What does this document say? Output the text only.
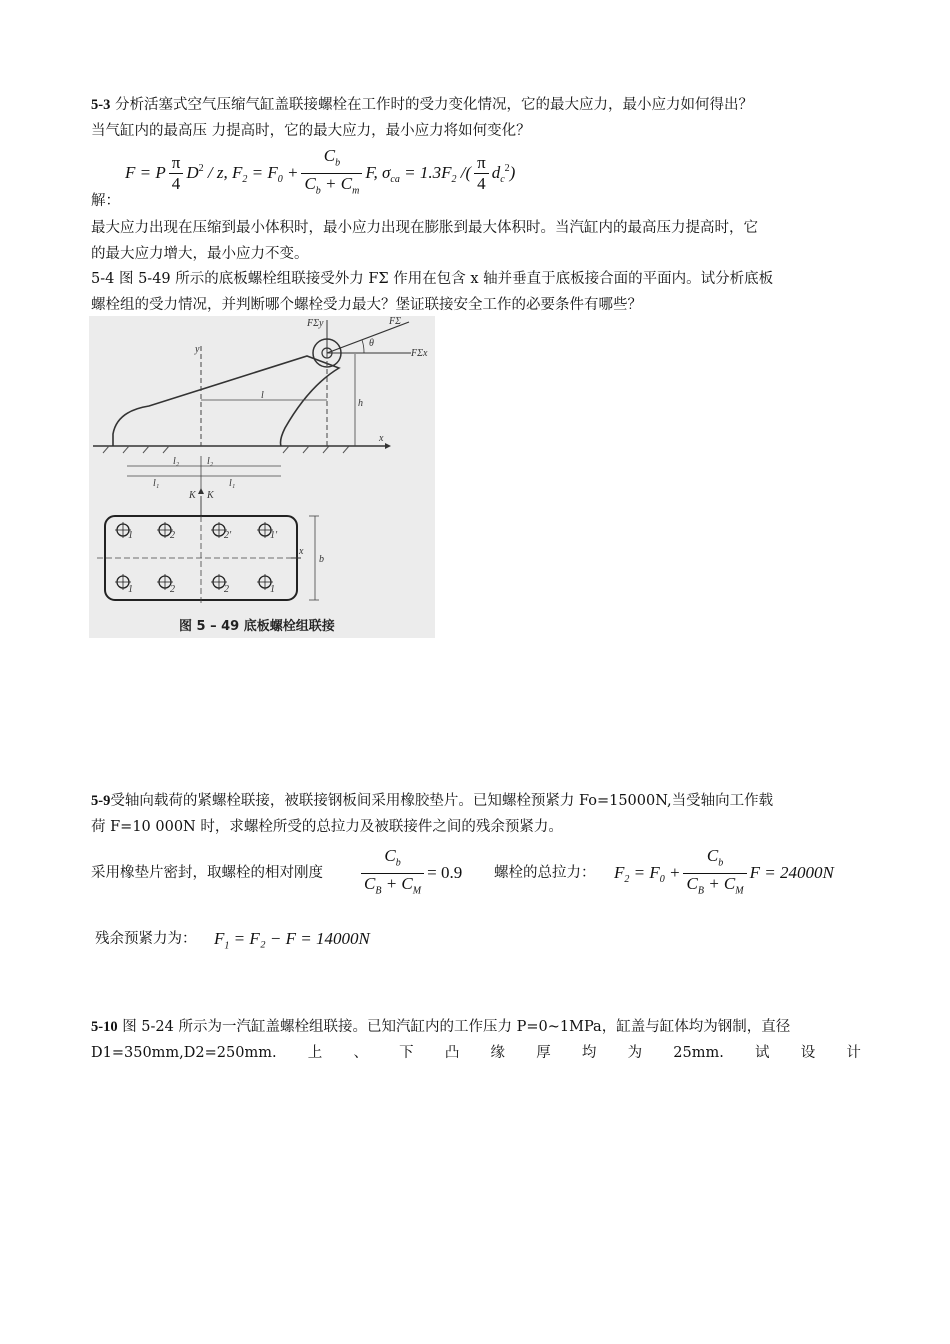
5-3 分析活塞式空气压缩气缸盖联接螺栓在工作时的受力变化情况，它的最大应力，最小应力如何得出？
当气缸内的最高压 力提高时，它的最大应力，最小应力将如何变化？

F = P $\frac{\pi}{4} D^2$ / z, $F_2 = F_0 + \frac{C_b}{C_b + C_m} F$, $\sigma_{ca} = 1.3F_2$ /( $\frac{\pi}{4} d_c^2$)

解：

最大应力出现在压缩到最小体积时，最小应力出现在膨胀到最大体积时。当汽缸内的最高压力提高时，它
的最大应力增大，最小应力不变。

5-4 图 5-49 所示的底板螺栓组联接受外力 FΣ 作用在包含 x 轴并垂直于底板接合面的平面内。试分析底板
螺栓组的受力情况，并判断哪个螺栓受力最大？堡证联接安全工作的必要条件有哪些？

FΣ
FΣy
FΣx
θ
y
x
h
l
l₂	l₂
l₁	l₁
K K
b
x
1	2	2'	1'
1	2	2	1
图 5 – 49 底板螺栓组联接

5-9受轴向载荷的紧螺栓联接，被联接钢板间采用橡胶垫片。已知螺栓预紧力 Fo=15000N,当受轴向工作载
荷 F=10 000N 时，求螺栓所受的总拉力及被联接件之间的残余预紧力。

采用橡垫片密封，取螺栓的相对刚度 $\frac{C_b}{C_B + C_M} = 0.9$ 螺栓的总拉力： $F_2 = F_0 + \frac{C_b}{C_B + C_M}$ F = 24000N
残余预紧力为： $F_1 = F_2 - F = 14000N$

5-10 图 5-24 所示为一汽缸盖螺栓组联接。已知汽缸内的工作压力 P=0~1MPa，缸盖与缸体均为钢制，直径

D1=350mm,D2=250mm. 上 、 下 凸 缘 厚 均 为 25mm. 试 设 计
